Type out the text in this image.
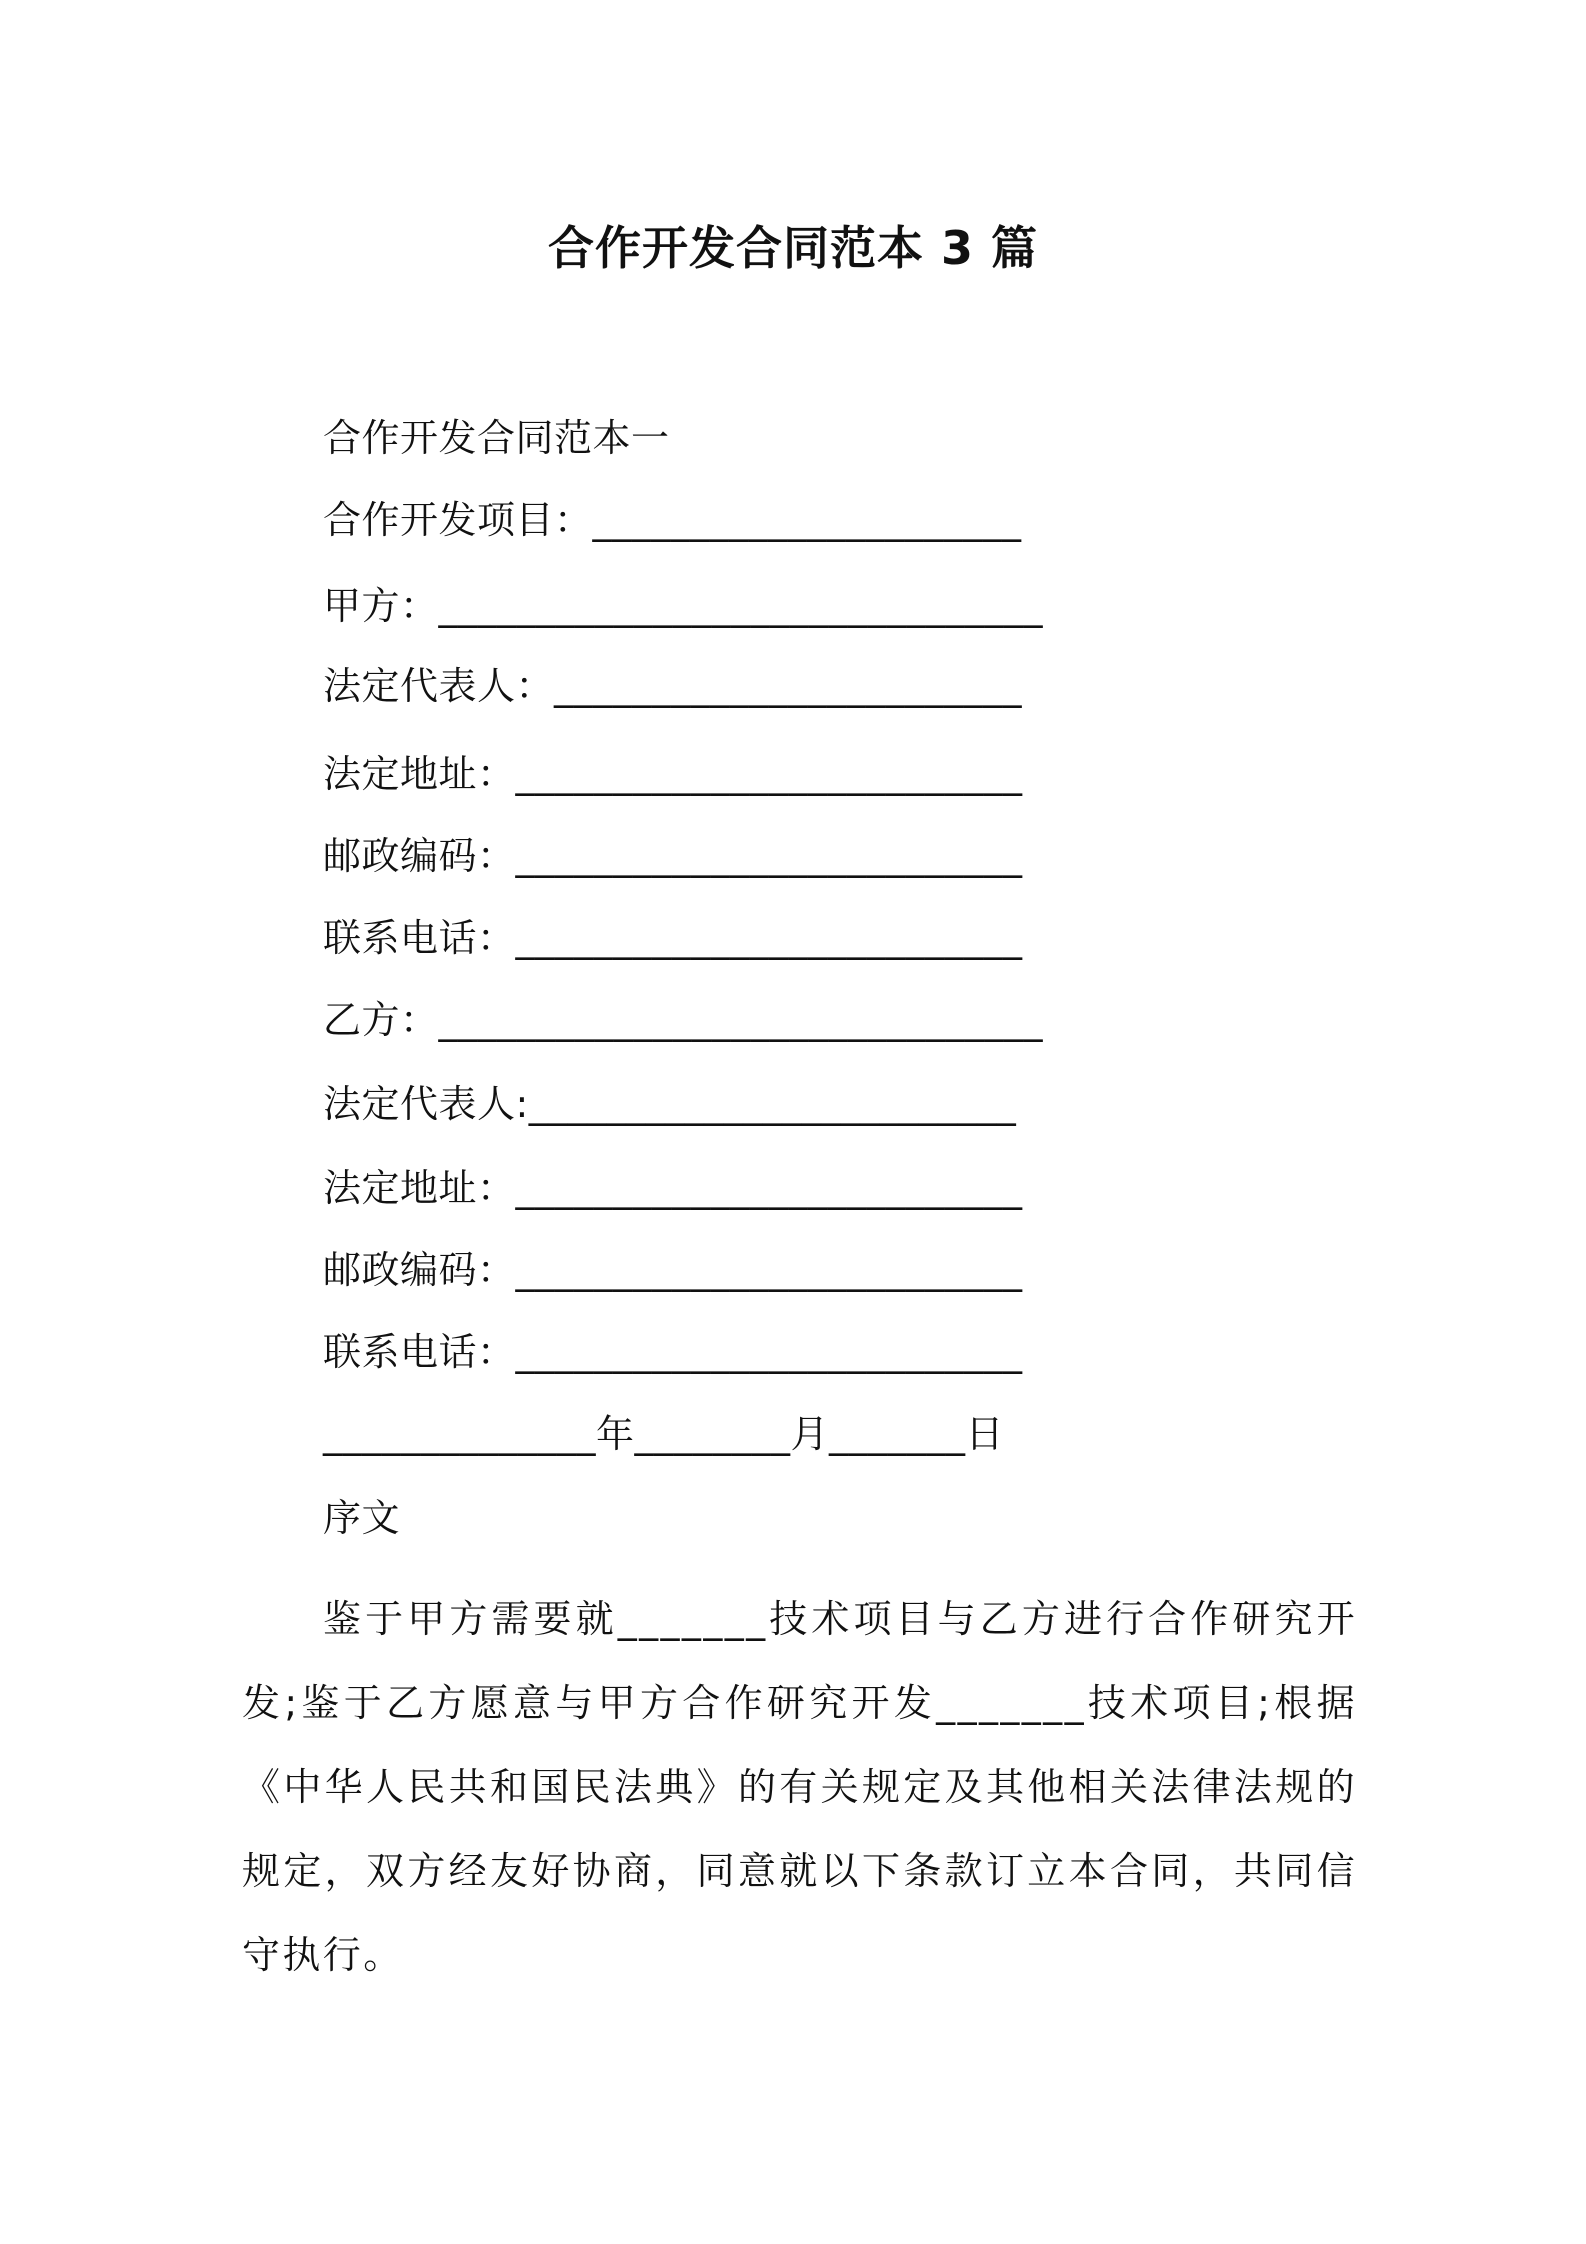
合作开发合同范本 3 篇
合作开发合同范本一
合作开发项目：______________________
甲方：_______________________________
法定代表人：________________________
法定地址：__________________________
邮政编码：__________________________
联系电话：__________________________
乙方：_______________________________
法定代表人:_________________________
法定地址：__________________________
邮政编码：__________________________
联系电话：__________________________
______________年________月_______日
序文
鉴于甲方需要就_______技术项目与乙方进行合作研究开发;鉴于乙方愿意与甲方合作研究开发_______技术项目;根据《中华人民共和国民法典》的有关规定及其他相关法律法规的规定，双方经友好协商，同意就以下条款订立本合同，共同信守执行。
